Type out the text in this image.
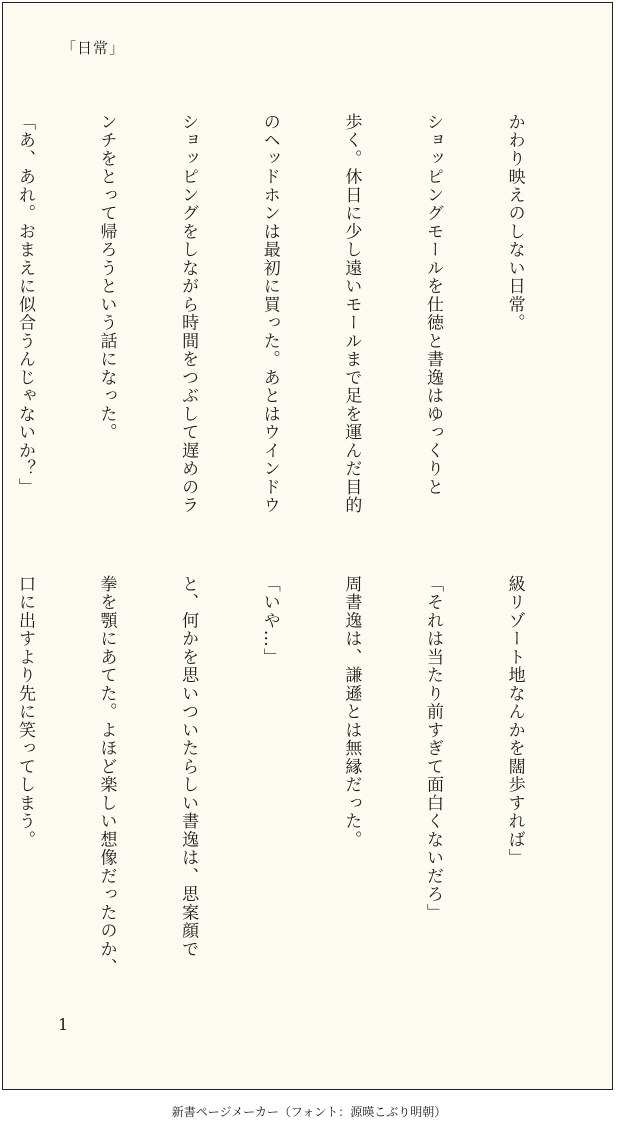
「日常」

かわり映えのしない日常。

ショッピングモールを仕徳と書逸はゆっくりと

歩く。休日に少し遠いモールまで足を運んだ目的

のヘッドホンは最初に買った。あとはウインドウ

ショッピングをしながら時間をつぶして遅めのラ

ンチをとって帰ろうという話になった。

「あ、あれ。おまえに似合うんじゃないか？」

級リゾート地なんかを闊歩すれば」

「それは当たり前すぎて面白くないだろ」

周書逸は、謙遜とは無縁だった。

「いや…」

と、何かを思いついたらしい書逸は、思案顔で

拳を顎にあてた。よほど楽しい想像だったのか、

口に出すより先に笑ってしまう。

1
新書ページメーカー（フォント：源暎こぶり明朝）
